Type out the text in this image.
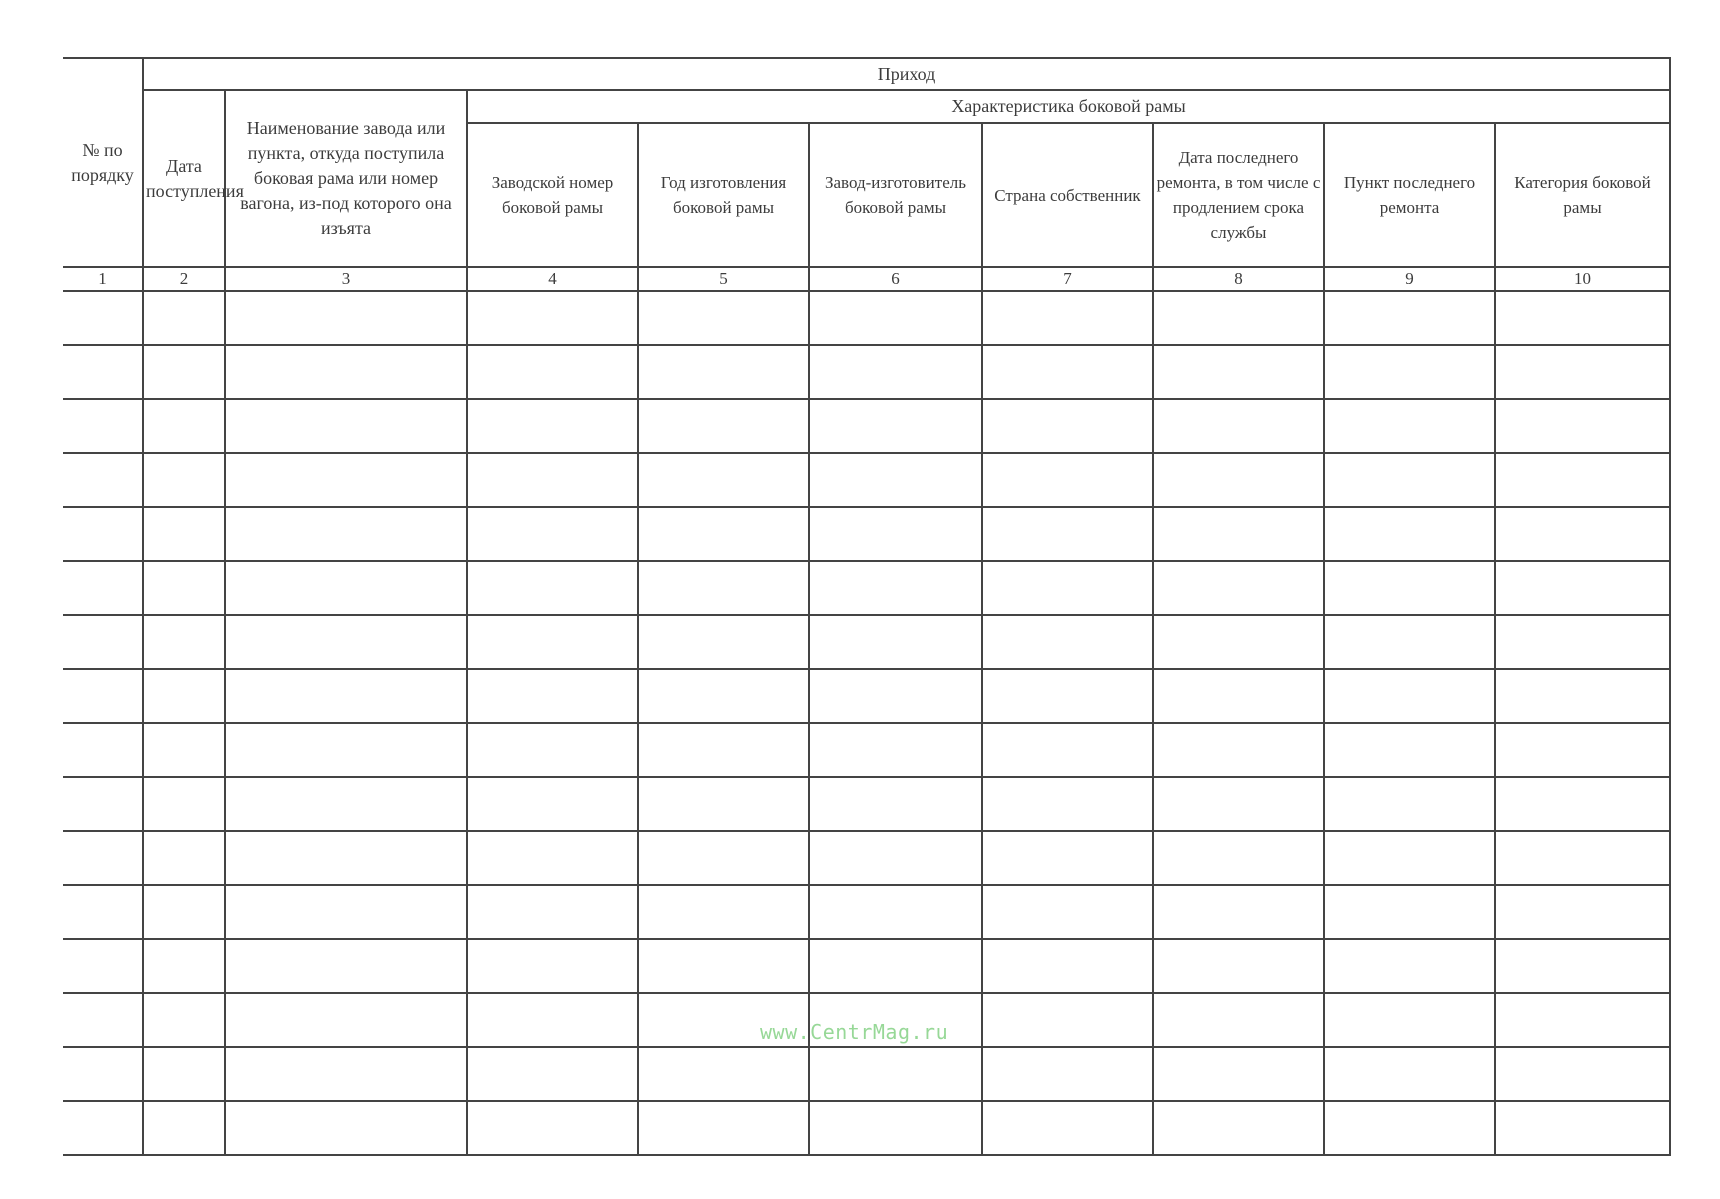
№ по порядку	Приход								
	Дата поступления	Наименование завода или пункта, откуда поступила боковая рама или номер вагона, из-под которого она изъята	Характеристика боковой рамы						
			Заводской номер боковой рамы	Год изготовления боковой рамы	Завод-изготовитель боковой рамы	Страна собственник	Дата последнего ремонта, в том числе с продлением срока службы	Пункт последнего ремонта	Категория боковой рамы
1	2	3	4	5	6	7	8	9	10

www.CentrMag.ru
